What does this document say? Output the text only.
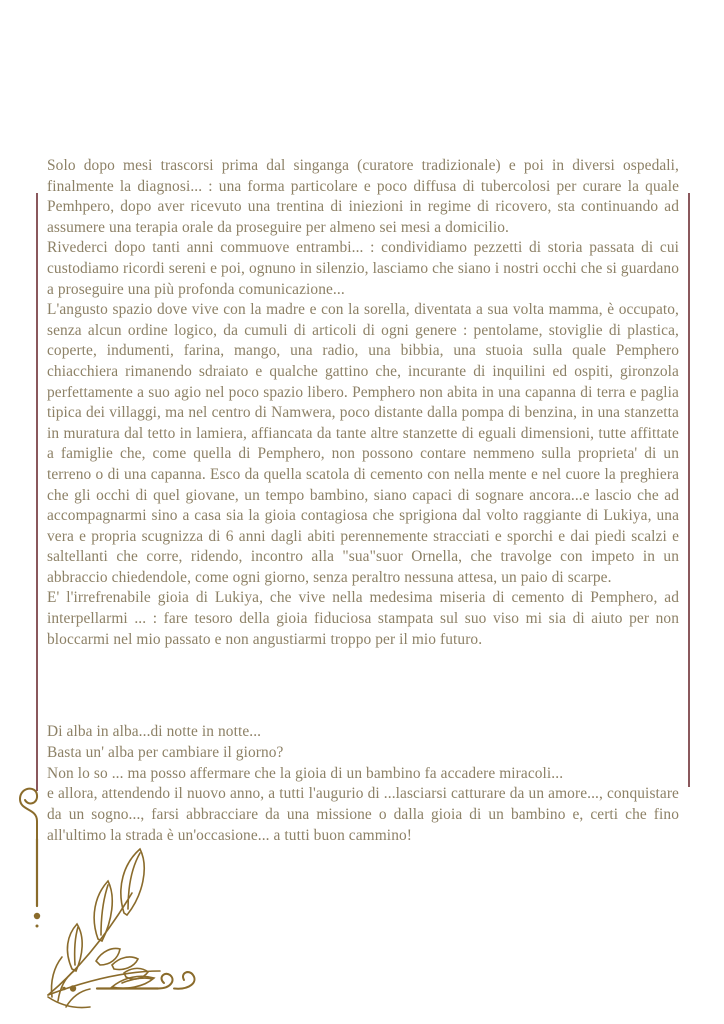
Solo dopo mesi trascorsi prima dal singanga (curatore tradizionale) e poi in diversi ospedali, finalmente la diagnosi... : una forma particolare e poco diffusa di tubercolosi per curare la quale Pemhpero, dopo aver ricevuto una trentina di iniezioni in regime di ricovero, sta continuando ad assumere una terapia orale da proseguire per almeno sei mesi a domicilio.

Rivederci dopo tanti anni commuove entrambi... : condividiamo pezzetti di storia passata di cui custodiamo ricordi sereni e poi, ognuno in silenzio, lasciamo che siano i nostri occhi che si guardano a proseguire una più profonda comunicazione...

L'angusto spazio dove vive con la madre e con la sorella, diventata a sua volta mamma, è occupato, senza alcun ordine logico, da cumuli di articoli di ogni genere : pentolame, stoviglie di plastica, coperte, indumenti, farina, mango, una radio, una bibbia, una stuoia sulla quale Pemphero chiacchiera rimanendo sdraiato e qualche gattino che, incurante di inquilini ed ospiti, gironzola perfettamente a suo agio nel poco spazio libero. Pemphero non abita in una capanna di terra e paglia tipica dei villaggi, ma nel centro di Namwera, poco distante dalla pompa di benzina, in una stanzetta in muratura dal tetto in lamiera, affiancata da tante altre stanzette di eguali dimensioni, tutte affittate a famiglie che, come quella di Pemphero, non possono contare nemmeno sulla proprieta' di un terreno o di una capanna. Esco da quella scatola di cemento con nella mente e nel cuore la preghiera che gli occhi di quel giovane, un tempo bambino, siano capaci di sognare ancora...e lascio che ad accompagnarmi sino a casa sia la gioia contagiosa che sprigiona dal volto raggiante di Lukiya, una vera e propria scugnizza di 6 anni dagli abiti perennemente stracciati e sporchi e dai piedi scalzi e saltellanti che corre, ridendo, incontro alla "sua"suor Ornella, che travolge con impeto in un abbraccio chiedendole, come ogni giorno, senza peraltro nessuna attesa, un paio di scarpe.

E' l'irrefrenabile gioia di Lukiya, che vive nella medesima miseria di cemento di Pemphero, ad interpellarmi ... : fare tesoro della gioia fiduciosa stampata sul suo viso mi sia di aiuto per non bloccarmi nel mio passato e non angustiarmi troppo per il mio futuro.

Di alba in alba...di notte in notte...

Basta un' alba per cambiare il giorno?

Non lo so ... ma posso affermare che la gioia di un bambino fa accadere miracoli...

e allora, attendendo il nuovo anno, a tutti l'augurio di ...lasciarsi catturare da un amore..., conquistare da un sogno..., farsi abbracciare da una missione o dalla gioia di un bambino e, certi che fino all'ultimo la strada è un'occasione... a tutti buon cammino!
